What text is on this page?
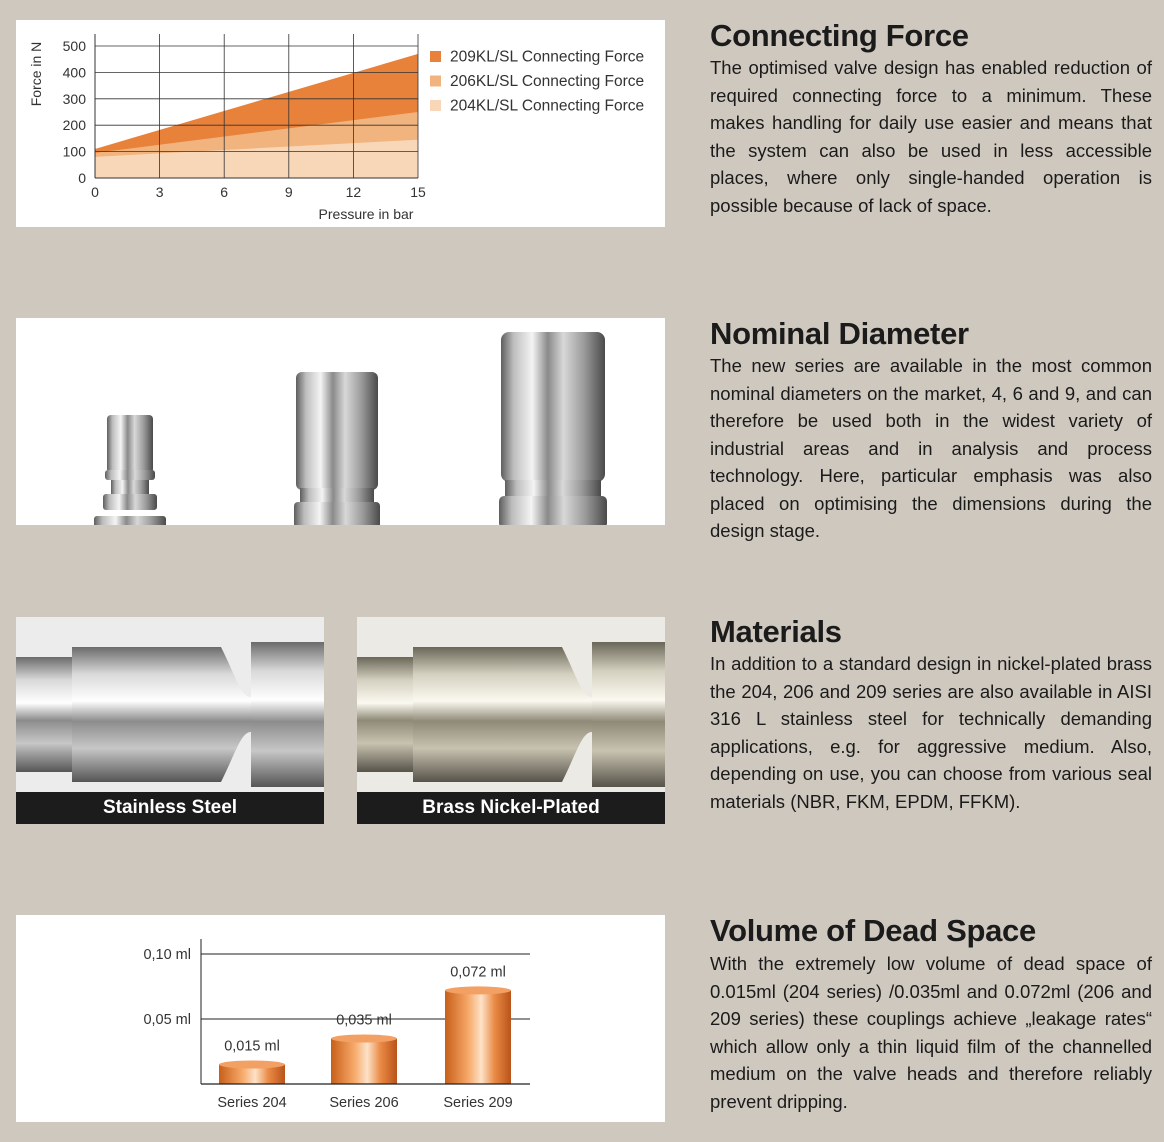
0
100
200
300
400
500
0	3	6	9	12	15
Pressure in bar
Force in N	209KL/SL Connecting Force
206KL/SL Connecting Force
204KL/SL Connecting Force
Connecting Force

The optimised valve design has enabled reduction of required connecting force to a minimum. These makes handling for daily use easier and means that the system can also be used in less accessible places, where only single-handed operation is possible because of lack of space.

Nominal Diameter

The new series are available in the most common nominal diameters on the market, 4, 6 and 9, and can therefore be used both in the widest variety of industrial areas and in analysis and process technology. Here, particular emphasis was also placed on optimising the dimensions during the design stage.

Stainless Steel	Brass Nickel-Plated
Materials

In addition to a standard design in nickel-plated brass the 204, 206 and 209 series are also available in AISI 316 L stainless steel for technically demanding applications, e.g. for aggressive medium. Also, depending on use, you can choose from various seal materials (NBR, FKM, EPDM, FFKM).

0,015 ml
0,035 ml
0,072 ml
0,05 ml
0,10 ml
Series 204	Series 206	Series 209
Volume of Dead Space

With the extremely low volume of dead space of 0.015ml (204 series) /0.035ml and 0.072ml (206 and 209 series) these couplings achieve „leakage rates“ which allow only a thin liquid film of the channelled medium on the valve heads and therefore reliably prevent dripping.
